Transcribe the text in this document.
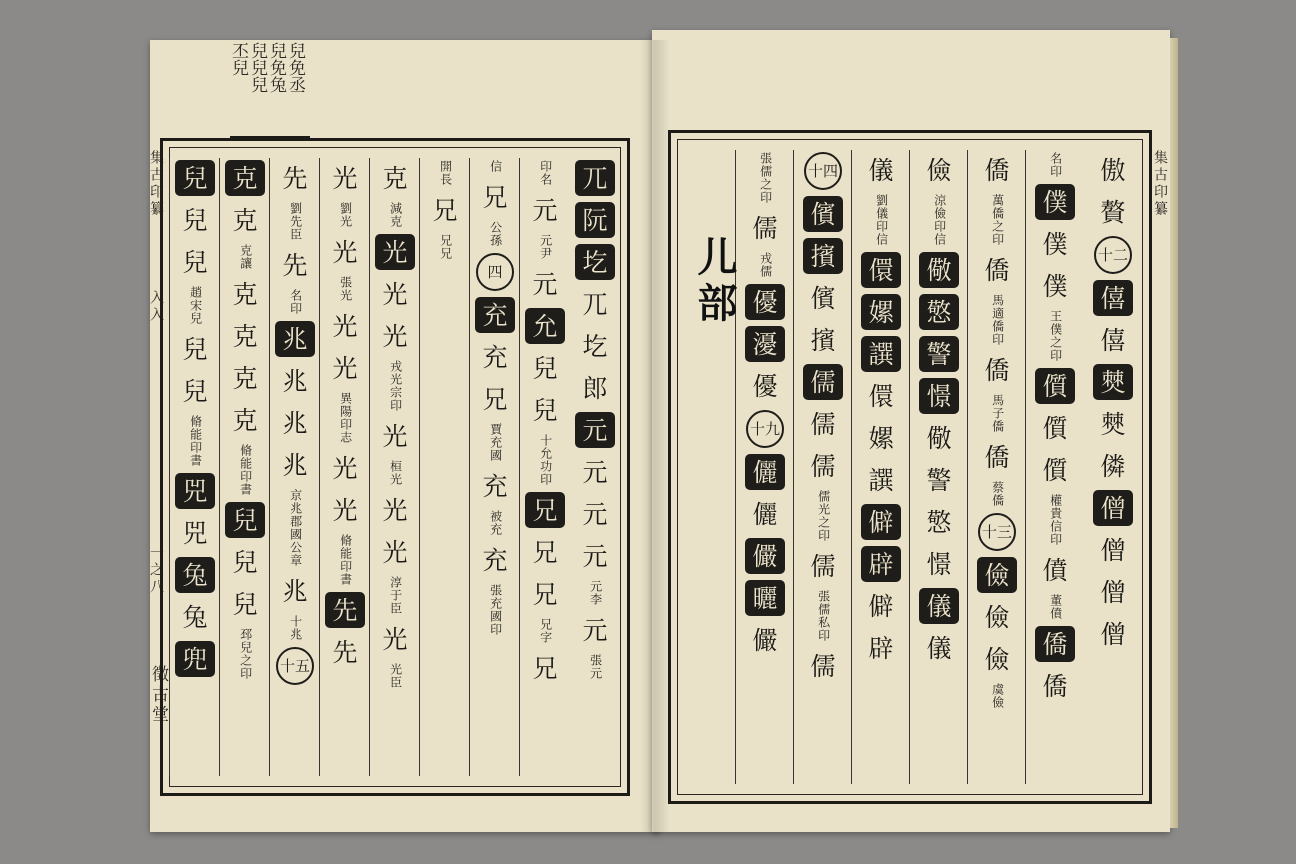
兒免丞
兒免兔
兒兒兒
丕兒
集古印纂
入入
一之八
徵古堂
兀
阮
圪
兀
圪
郎
元
元
元
元
元李
元
張元
印名
元
元尹
元
允
兒
兒
十允功印
兄
兄
兄
兄字
兄
信
兄
公孫
四
充
充
兄
賈充國
充
被充
充
張充國印
開長
兄
兄兄
克
減克
光
光
光
戎光宗印
光
桓光
光
光
淳于臣
光
光臣
光
劉光
光
張光
光
光
異陽印志
光
光
脩能印書
先
先
先
劉先臣
先
名印
兆
兆
兆
兆
京兆郡國公章
兆
十兆
十五
克
克
克讓
克
克
克
克
脩能印書
兒
兒
兒
邳兒之印
兒
兒
兒
趙宋兒
兒
兒
脩能印書
兕
兕
兔
兔
兜
集古印纂
傲
贅
十二
僖
僖
僰
僰
僯
僧
僧
僧
僧
名印
僕
僕
僕
王僕之印
儨
儨
儨
權貴信印
僨
董僨
僑
僑
僑
萬僑之印
僑
馬適僑印
僑
馬子僑
僑
蔡僑
十三
儉
儉
儉
虞儉
儉
涼儉印信
儆
憼
警
憬
儆
警
憼
憬
儀
儀
儀
劉儀印信
儇
嫘
譔
儇
嫘
譔
僻
辟
僻
辟
十四
儐
擯
儐
擯
儒
儒
儒
儒光之印
儒
張儒私印
儒
張儒之印
儒
戎儒
優
瀀
優
十九
儷
儷
儼
曬
儼
儿部
